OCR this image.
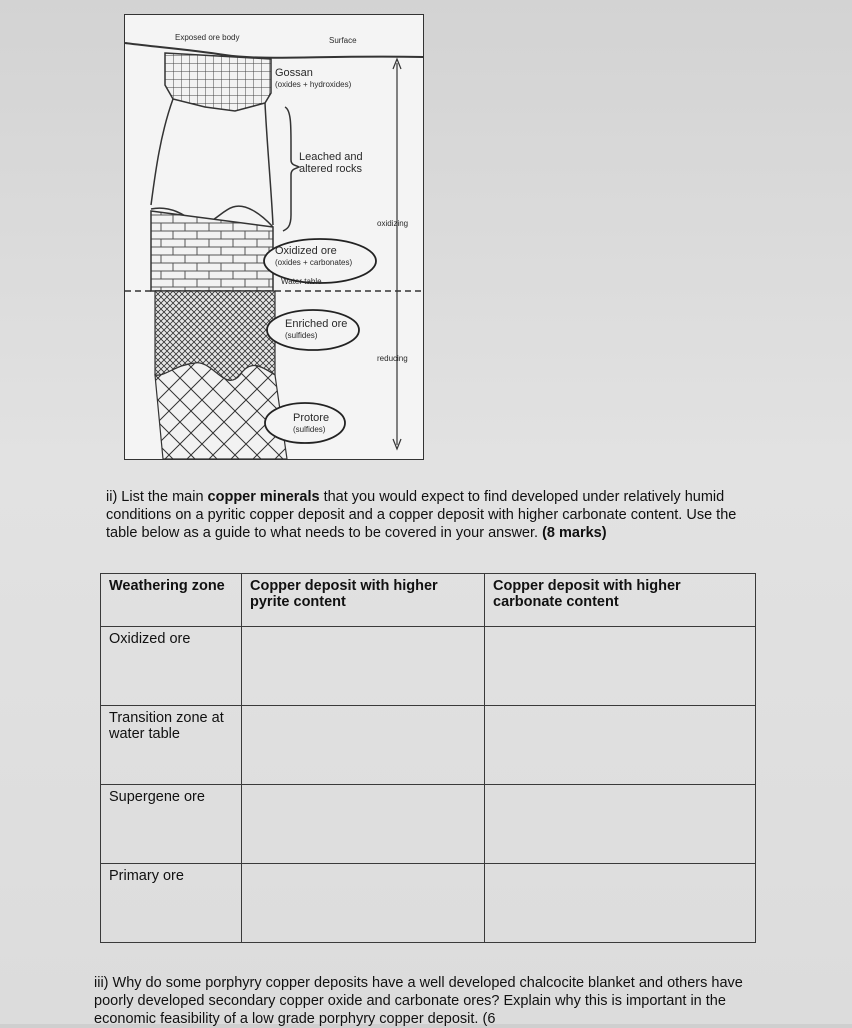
Exposed ore body	Surface
Gossan
(oxides + hydroxides)
Leached and
altered rocks
oxidizing
Oxidized ore
(oxides + carbonates)
Water table
Enriched ore
(sulfides)
reducing
Protore
(sulfides)
ii) List the main copper minerals that you would expect to find developed under relatively humid conditions on a pyritic copper deposit and a copper deposit with higher carbonate content. Use the table below as a guide to what needs to be covered in your answer. (8 marks)
Weathering zone	Copper deposit with higher pyrite content	Copper deposit with higher carbonate content
Oxidized ore		
Transition zone at water table		
Supergene ore		
Primary ore		
iii) Why do some porphyry copper deposits have a well developed chalcocite blanket and others have poorly developed secondary copper oxide and carbonate ores? Explain why this is important in the economic feasibility of a low grade porphyry copper deposit. (6
